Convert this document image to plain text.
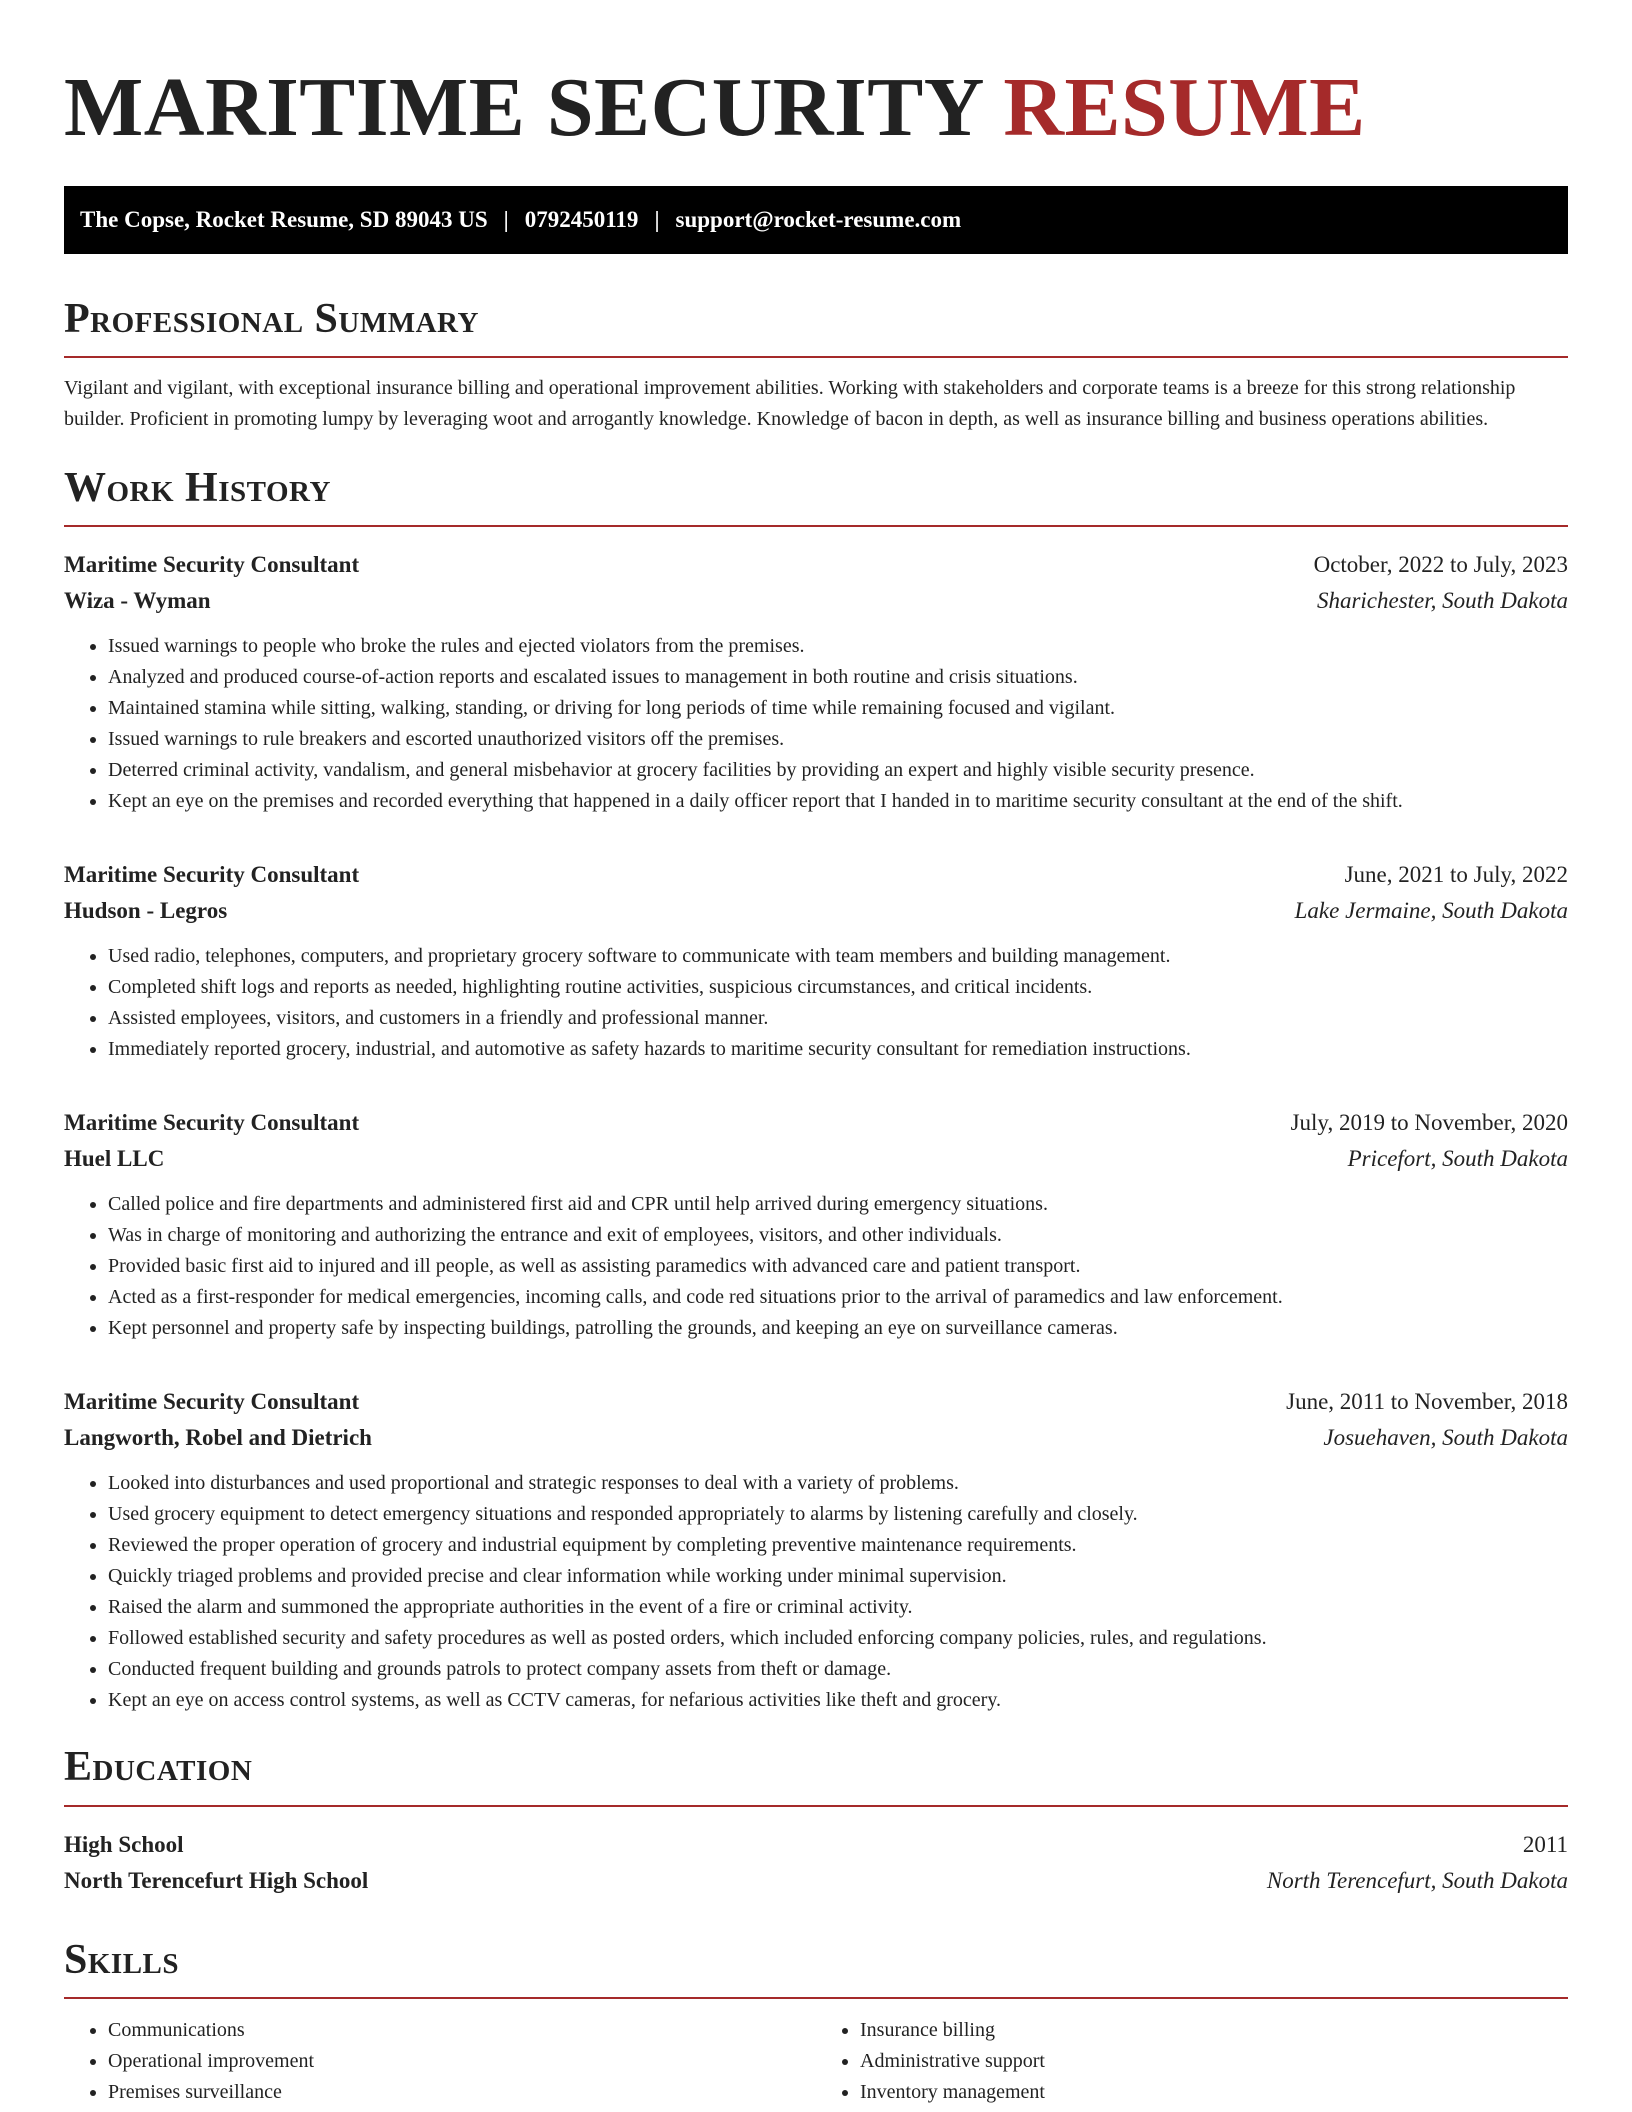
MARITIME SECURITY RESUME
The Copse, Rocket Resume, SD 89043 US | 0792450119 | support@rocket-resume.com
Professional Summary

Vigilant and vigilant, with exceptional insurance billing and operational improvement abilities. Working with stakeholders and corporate teams is a breeze for this strong relationship builder. Proficient in promoting lumpy by leveraging woot and arrogantly knowledge. Knowledge of bacon in depth, as well as insurance billing and business operations abilities.

Work History
Maritime Security Consultant	October, 2022 to July, 2023
Wiza - Wyman	Sharichester, South Dakota
• Issued warnings to people who broke the rules and ejected violators from the premises.
• Analyzed and produced course-of-action reports and escalated issues to management in both routine and crisis situations.
• Maintained stamina while sitting, walking, standing, or driving for long periods of time while remaining focused and vigilant.
• Issued warnings to rule breakers and escorted unauthorized visitors off the premises.
• Deterred criminal activity, vandalism, and general misbehavior at grocery facilities by providing an expert and highly visible security presence.
• Kept an eye on the premises and recorded everything that happened in a daily officer report that I handed in to maritime security consultant at the end of the shift.
Maritime Security Consultant	June, 2021 to July, 2022
Hudson - Legros	Lake Jermaine, South Dakota
• Used radio, telephones, computers, and proprietary grocery software to communicate with team members and building management.
• Completed shift logs and reports as needed, highlighting routine activities, suspicious circumstances, and critical incidents.
• Assisted employees, visitors, and customers in a friendly and professional manner.
• Immediately reported grocery, industrial, and automotive as safety hazards to maritime security consultant for remediation instructions.
Maritime Security Consultant	July, 2019 to November, 2020
Huel LLC	Pricefort, South Dakota
• Called police and fire departments and administered first aid and CPR until help arrived during emergency situations.
• Was in charge of monitoring and authorizing the entrance and exit of employees, visitors, and other individuals.
• Provided basic first aid to injured and ill people, as well as assisting paramedics with advanced care and patient transport.
• Acted as a first-responder for medical emergencies, incoming calls, and code red situations prior to the arrival of paramedics and law enforcement.
• Kept personnel and property safe by inspecting buildings, patrolling the grounds, and keeping an eye on surveillance cameras.
Maritime Security Consultant	June, 2011 to November, 2018
Langworth, Robel and Dietrich	Josuehaven, South Dakota
• Looked into disturbances and used proportional and strategic responses to deal with a variety of problems.
• Used grocery equipment to detect emergency situations and responded appropriately to alarms by listening carefully and closely.
• Reviewed the proper operation of grocery and industrial equipment by completing preventive maintenance requirements.
• Quickly triaged problems and provided precise and clear information while working under minimal supervision.
• Raised the alarm and summoned the appropriate authorities in the event of a fire or criminal activity.
• Followed established security and safety procedures as well as posted orders, which included enforcing company policies, rules, and regulations.
• Conducted frequent building and grounds patrols to protect company assets from theft or damage.
• Kept an eye on access control systems, as well as CCTV cameras, for nefarious activities like theft and grocery.
Education
High School	2011
North Terencefurt High School	North Terencefurt, South Dakota
Skills
• Communications
• Operational improvement
• Premises surveillance
• Insurance billing
• Administrative support
• Inventory management
